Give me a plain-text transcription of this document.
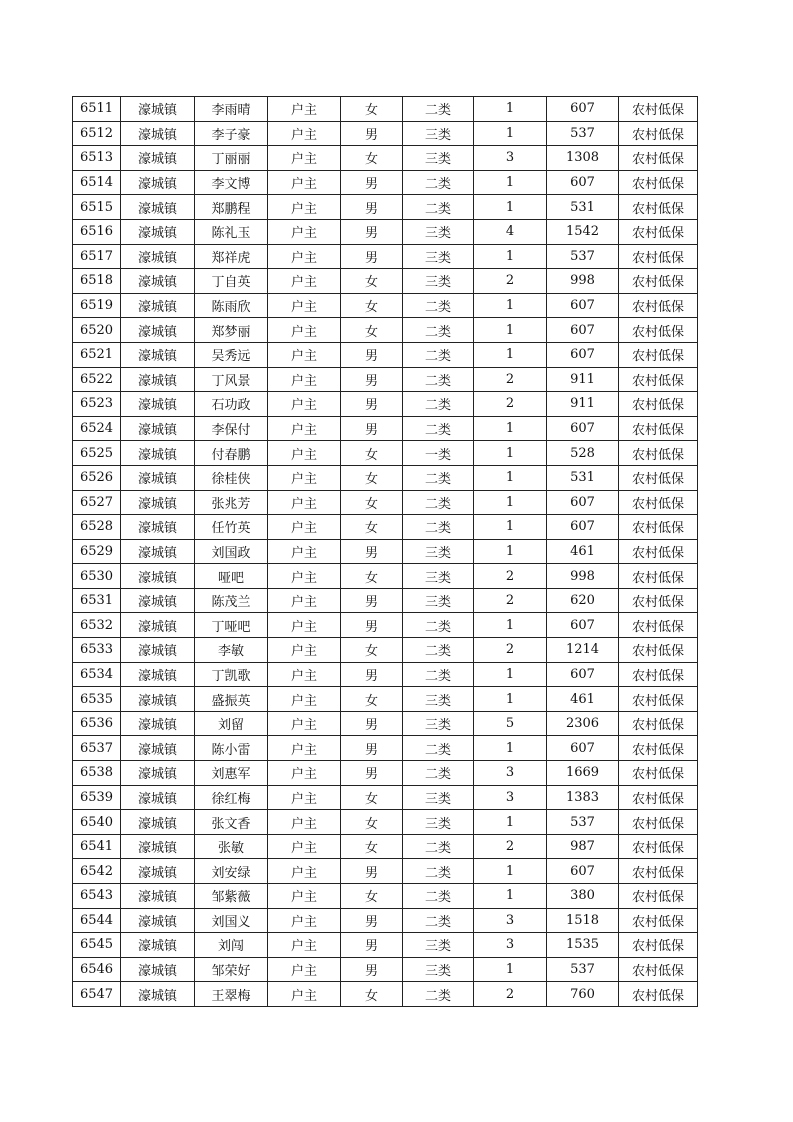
6511	濠城镇	李雨晴	户主	女	二类	1	607	农村低保
6512	濠城镇	李子豪	户主	男	三类	1	537	农村低保
6513	濠城镇	丁丽丽	户主	女	三类	3	1308	农村低保
6514	濠城镇	李文博	户主	男	二类	1	607	农村低保
6515	濠城镇	郑鹏程	户主	男	二类	1	531	农村低保
6516	濠城镇	陈礼玉	户主	男	三类	4	1542	农村低保
6517	濠城镇	郑祥虎	户主	男	三类	1	537	农村低保
6518	濠城镇	丁自英	户主	女	三类	2	998	农村低保
6519	濠城镇	陈雨欣	户主	女	二类	1	607	农村低保
6520	濠城镇	郑梦丽	户主	女	二类	1	607	农村低保
6521	濠城镇	吴秀远	户主	男	二类	1	607	农村低保
6522	濠城镇	丁风景	户主	男	二类	2	911	农村低保
6523	濠城镇	石功政	户主	男	二类	2	911	农村低保
6524	濠城镇	李保付	户主	男	二类	1	607	农村低保
6525	濠城镇	付春鹏	户主	女	一类	1	528	农村低保
6526	濠城镇	徐桂侠	户主	女	二类	1	531	农村低保
6527	濠城镇	张兆芳	户主	女	二类	1	607	农村低保
6528	濠城镇	任竹英	户主	女	二类	1	607	农村低保
6529	濠城镇	刘国政	户主	男	三类	1	461	农村低保
6530	濠城镇	哑吧	户主	女	三类	2	998	农村低保
6531	濠城镇	陈茂兰	户主	男	三类	2	620	农村低保
6532	濠城镇	丁哑吧	户主	男	二类	1	607	农村低保
6533	濠城镇	李敏	户主	女	二类	2	1214	农村低保
6534	濠城镇	丁凯歌	户主	男	二类	1	607	农村低保
6535	濠城镇	盛振英	户主	女	三类	1	461	农村低保
6536	濠城镇	刘留	户主	男	三类	5	2306	农村低保
6537	濠城镇	陈小雷	户主	男	二类	1	607	农村低保
6538	濠城镇	刘惠军	户主	男	二类	3	1669	农村低保
6539	濠城镇	徐红梅	户主	女	三类	3	1383	农村低保
6540	濠城镇	张文香	户主	女	三类	1	537	农村低保
6541	濠城镇	张敏	户主	女	二类	2	987	农村低保
6542	濠城镇	刘安绿	户主	男	二类	1	607	农村低保
6543	濠城镇	邹紫薇	户主	女	二类	1	380	农村低保
6544	濠城镇	刘国义	户主	男	二类	3	1518	农村低保
6545	濠城镇	刘闯	户主	男	三类	3	1535	农村低保
6546	濠城镇	邹荣好	户主	男	三类	1	537	农村低保
6547	濠城镇	王翠梅	户主	女	二类	2	760	农村低保
